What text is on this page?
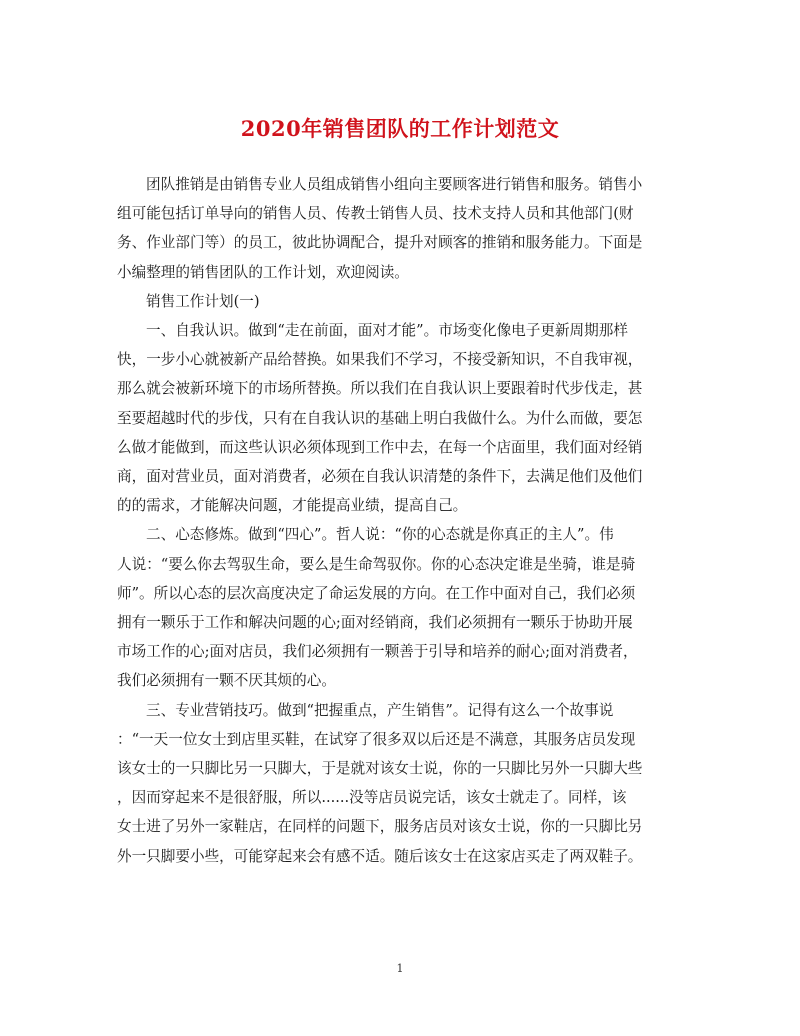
2020年销售团队的工作计划范文
团队推销是由销售专业人员组成销售小组向主要顾客进行销售和服务。销售小
组可能包括订单导向的销售人员、传教士销售人员、技术支持人员和其他部门(财
务、作业部门等）的员工，彼此协调配合，提升对顾客的推销和服务能力。下面是
小编整理的销售团队的工作计划，欢迎阅读。
销售工作计划(一)
一、自我认识。做到“走在前面，面对才能”。市场变化像电子更新周期那样
快，一步小心就被新产品给替换。如果我们不学习，不接受新知识，不自我审视，
那么就会被新环境下的市场所替换。所以我们在自我认识上要跟着时代步伐走，甚
至要超越时代的步伐，只有在自我认识的基础上明白我做什么。为什么而做，要怎
么做才能做到，而这些认识必须体现到工作中去，在每一个店面里，我们面对经销
商，面对营业员，面对消费者，必须在自我认识清楚的条件下，去满足他们及他们
的的需求，才能解决问题，才能提高业绩，提高自己。
二、心态修炼。做到“四心”。哲人说：“你的心态就是你真正的主人”。伟
人说：“要么你去驾驭生命，要么是生命驾驭你。你的心态决定谁是坐骑，谁是骑
师”。所以心态的层次高度决定了命运发展的方向。在工作中面对自己，我们必须
拥有一颗乐于工作和解决问题的心;面对经销商，我们必须拥有一颗乐于协助开展
市场工作的心;面对店员，我们必须拥有一颗善于引导和培养的耐心;面对消费者，
我们必须拥有一颗不厌其烦的心。
三、专业营销技巧。做到“把握重点，产生销售”。记得有这么一个故事说
：“一天一位女士到店里买鞋，在试穿了很多双以后还是不满意，其服务店员发现
该女士的一只脚比另一只脚大，于是就对该女士说，你的一只脚比另外一只脚大些
，因而穿起来不是很舒服，所以......没等店员说完话，该女士就走了。同样，该
女士进了另外一家鞋店，在同样的问题下，服务店员对该女士说，你的一只脚比另
外一只脚要小些，可能穿起来会有感不适。随后该女士在这家店买走了两双鞋子。
1
